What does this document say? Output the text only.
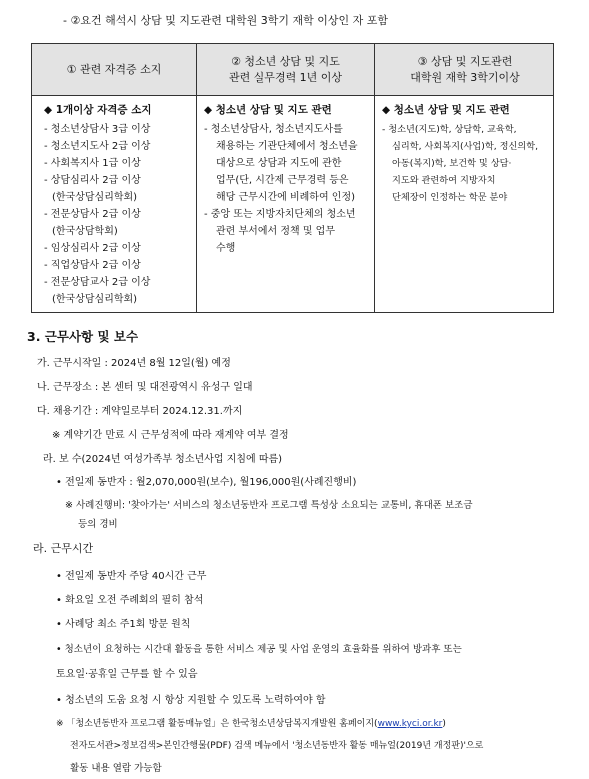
- ②요건 해석시 상담 및 지도관련 대학원 3학기 재학 이상인 자 포함
① 관련 자격증 소지
② 청소년 상담 및 지도
관련 실무경력 1년 이상
③ 상담 및 지도관련
대학원 재학 3학기이상
◆ 1개이상 자격증 소지
- 청소년상담사 3급 이상
- 청소년지도사 2급 이상
- 사회복지사 1급 이상
- 상담심리사 2급 이상
(한국상담심리학회)
- 전문상담사 2급 이상
(한국상담학회)
- 임상심리사 2급 이상
- 직업상담사 2급 이상
- 전문상담교사 2급 이상
(한국상담심리학회)
◆ 청소년 상담 및 지도 관련
- 청소년상담사, 청소년지도사를
채용하는 기관단체에서 청소년을
대상으로 상담과 지도에 관한
업무(단, 시간제 근무경력 등은
해당 근무시간에 비례하여 인정)
- 중앙 또는 지방자치단체의 청소년
관련 부서에서 정책 및 업무
수행
◆ 청소년 상담 및 지도 관련
- 청소년(지도)학, 상담학, 교육학,
심리학, 사회복지(사업)학, 정신의학,
아동(복지)학, 보건학 및 상담·
지도와 관련하여 지방자치
단체장이 인정하는 학문 분야
3. 근무사항 및 보수
가. 근무시작일 : 2024년 8월 12일(월) 예정
나. 근무장소 : 본 센터 및 대전광역시 유성구 일대
다. 채용기간 : 계약일로부터 2024.12.31.까지
※ 계약기간 만료 시 근무성적에 따라 재계약 여부 결정
라. 보 수(2024년 여성가족부 청소년사업 지침에 따름)
• 전일제 동반자 : 월2,070,000원(보수), 월196,000원(사례진행비)
※ 사례진행비: '찾아가는' 서비스의 청소년동반자 프로그램 특성상 소요되는 교통비, 휴대폰 보조금
등의 경비
라. 근무시간
• 전일제 동반자 주당 40시간 근무
• 화요일 오전 주례회의 필히 참석
• 사례당 최소 주1회 방문 원칙
• 청소년이 요청하는 시간대 활동을 통한 서비스 제공 및 사업 운영의 효율화를 위하여 방과후 또는
토요일·공휴일 근무를 할 수 있음
• 청소년의 도움 요청 시 항상 지원할 수 있도록 노력하여야 함
※ 「청소년동반자 프로그램 활동매뉴얼」은 한국청소년상담복지개발원 홈페이지(www.kyci.or.kr)
전자도서관>정보검색>본인간행물(PDF) 검색 메뉴에서 '청소년동반자 활동 매뉴얼(2019년 개정판)'으로
활동 내용 열람 가능함
